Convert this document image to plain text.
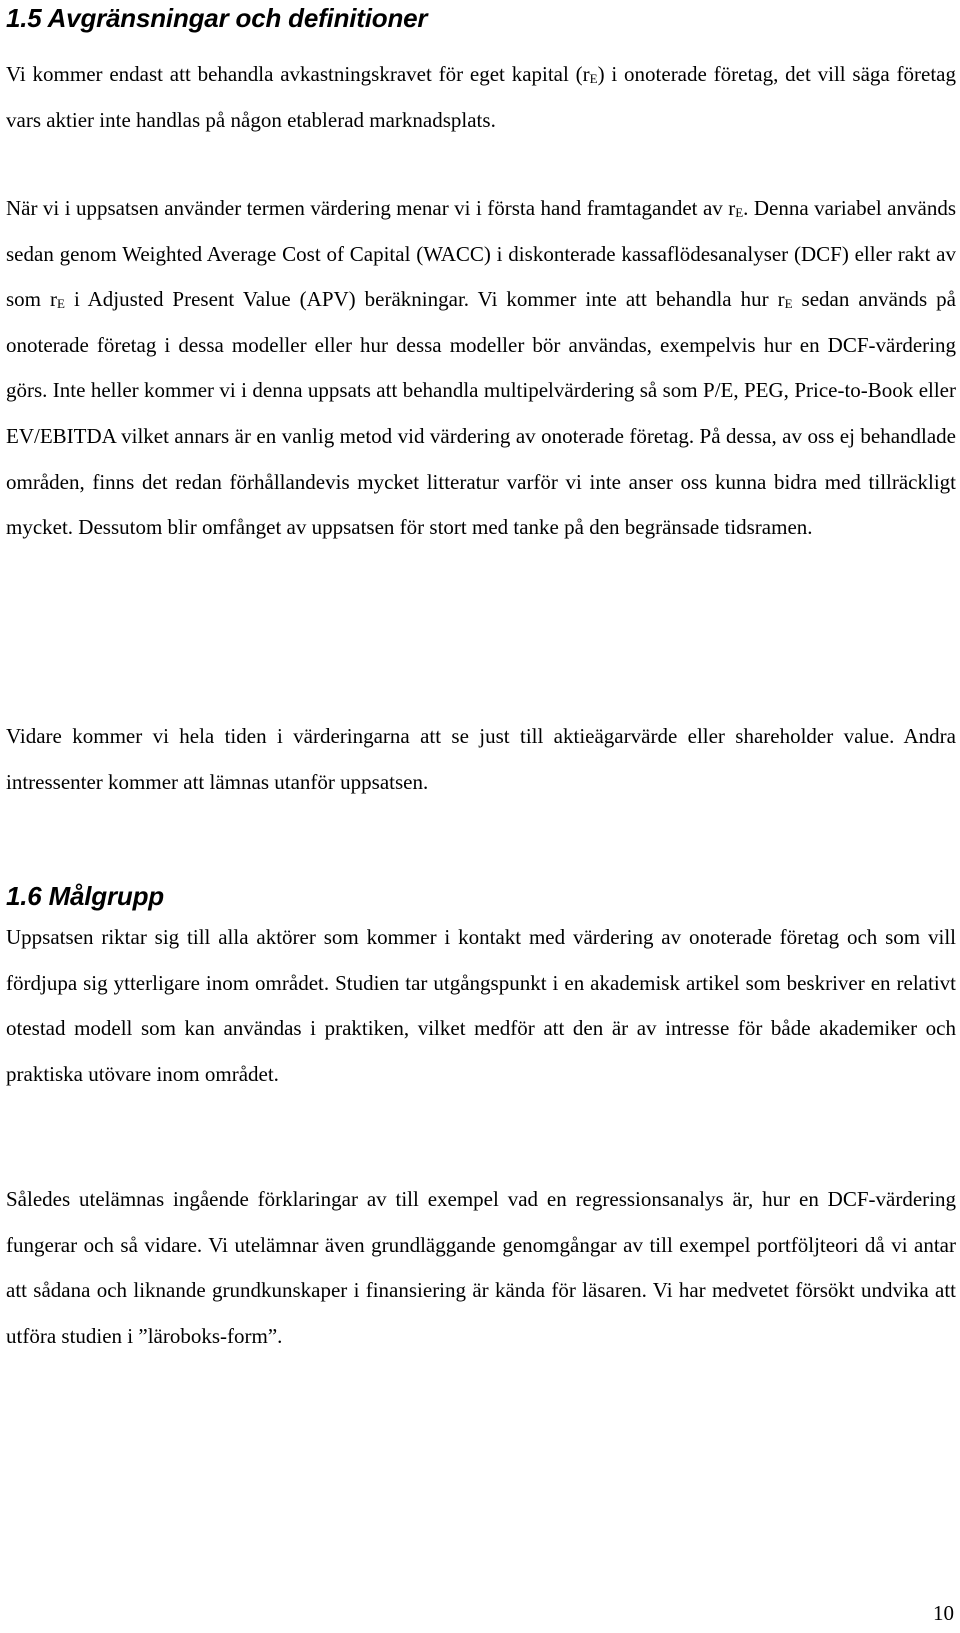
1.5 Avgränsningar och definitioner

Vi kommer endast att behandla avkastningskravet för eget kapital $(r_E)$ i onoterade företag, det vill säga företag vars aktier inte handlas på någon etablerad marknadsplats.

När vi i uppsatsen använder termen värdering menar vi i första hand framtagandet av $r_E$. Denna variabel används sedan genom Weighted Average Cost of Capital (WACC) i diskonterade kassaflödesanalyser (DCF) eller rakt av som $r_E$ i Adjusted Present Value (APV) beräkningar. Vi kommer inte att behandla hur $r_E$ sedan används på onoterade företag i dessa modeller eller hur dessa modeller bör användas, exempelvis hur en DCF-värdering görs. Inte heller kommer vi i denna uppsats att behandla multipelvärdering så som P/E, PEG, Price-to-Book eller EV/EBITDA vilket annars är en vanlig metod vid värdering av onoterade företag. På dessa, av oss ej behandlade områden, finns det redan förhållandevis mycket litteratur varför vi inte anser oss kunna bidra med tillräckligt mycket. Dessutom blir omfånget av uppsatsen för stort med tanke på den begränsade tidsramen.

Vidare kommer vi hela tiden i värderingarna att se just till aktieägarvärde eller shareholder value. Andra intressenter kommer att lämnas utanför uppsatsen.

1.6 Målgrupp

Uppsatsen riktar sig till alla aktörer som kommer i kontakt med värdering av onoterade företag och som vill fördjupa sig ytterligare inom området. Studien tar utgångspunkt i en akademisk artikel som beskriver en relativt otestad modell som kan användas i praktiken, vilket medför att den är av intresse för både akademiker och praktiska utövare inom området.

Således utelämnas ingående förklaringar av till exempel vad en regressionsanalys är, hur en DCF-värdering fungerar och så vidare. Vi utelämnar även grundläggande genomgångar av till exempel portföljteori då vi antar att sådana och liknande grundkunskaper i finansiering är kända för läsaren. Vi har medvetet försökt undvika att utföra studien i ”läroboks-form”.

10
